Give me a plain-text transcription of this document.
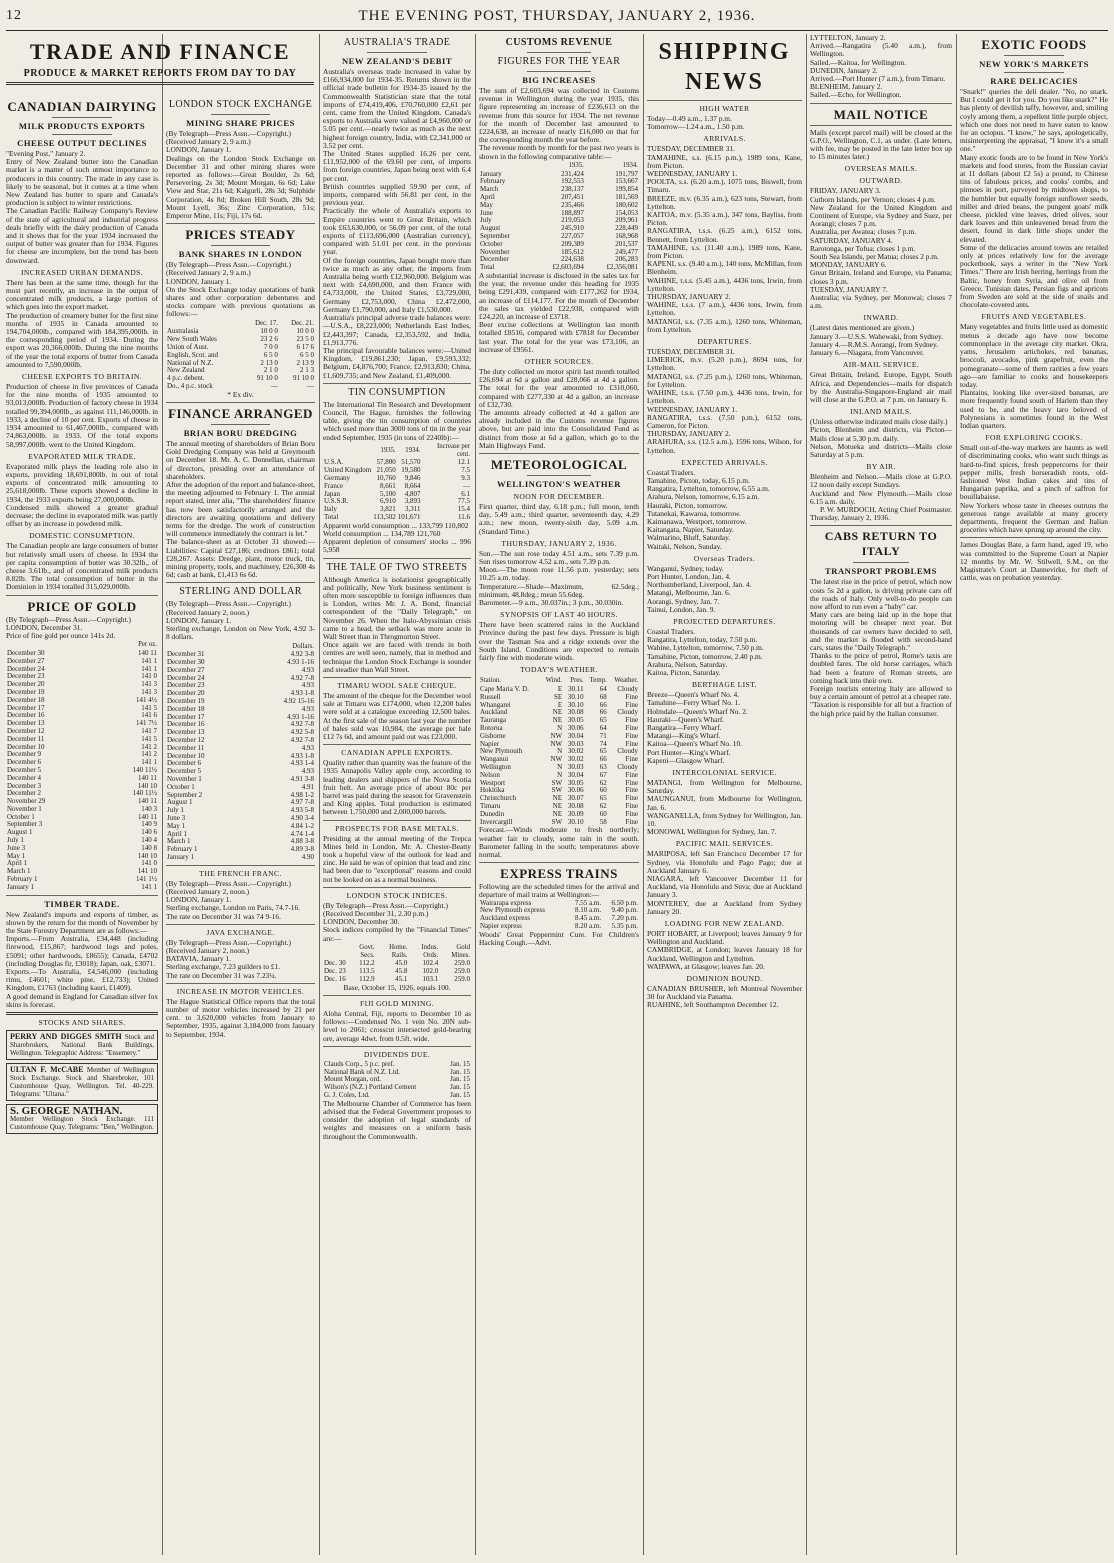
12	THE EVENING POST, THURSDAY, JANUARY 2, 1936.
TRADE AND FINANCE
PRODUCE & MARKET REPORTS FROM DAY TO DAY
CANADIAN DAIRYING
MILK PRODUCTS EXPORTS
CHEESE OUTPUT DECLINES
"Evening Post," January 2.
Entry of New Zealand butter into the Canadian market is a matter of such utmost importance to producers in this country. The trade in any case is likely to be seasonal, but it comes at a time when New Zealand has butter to spare and Canada's production is subject to winter restrictions.
The Canadian Pacific Railway Company's Review of the state of agricultural and industrial progress deals briefly with the dairy production of Canada and it shows that for the year 1934 increased the output of butter was greater than for 1934. Figures for cheese are incomplete, but the trend has been downward.
INCREASED URBAN DEMANDS.
There has been at the same time, though for the most part recently, an increase in the output of concentrated milk products, a large portion of which goes into the export market.
The production of creamery butter for the first nine months of 1935 in Canada amounted to 194,704,000lb., compared with 184,395,000lb. in the corresponding period of 1934. During the export was 20,366,000lb. During the nine months of the year the total exports of butter from Canada amounted to 7,590,000lb.
CHEESE EXPORTS TO BRITAIN.
Production of cheese in five provinces of Canada for the nine months of 1935 amounted to 93,013,000lb. Production of factory cheese in 1934 totalled 99,394,000lb., as against 111,146,000lb. in 1933, a decline of 10 per cent. Exports of cheese in 1934 amounted to 61,467,000lb., compared with 74,863,000lb. in 1933. Of the total exports 58,997,000lb. went to the United Kingdom.
EVAPORATED MILK TRADE.
Evaporated milk plays the leading role also in exports, providing 18,691,800lb. in out of total exports of concentrated milk amounting to 25,618,000lb. These exports showed a decline in 1934, the 1933 exports being 27,000,000lb.
Condensed milk showed a greater gradual decrease; the decline in evaporated milk was partly offset by an increase in powdered milk.
DOMESTIC CONSUMPTION.
The Canadian people are large consumers of butter but relatively small users of cheese. In 1934 the per capita consumption of butter was 30.32lb., of cheese 3.61lb., and of concentrated milk products 8.82lb. The total consumption of butter in the Dominion in 1934 totalled 315,029,000lb.
PRICE OF GOLD
(By Telegraph—Press Assn.—Copyright.)
LONDON, December 31.
Price of fine gold per ounce 141s 2d.
	Per oz.
December 30	140 11
December 27	141 1
December 24	141 1
December 23	141 0
December 20	141 3
December 19	141 3
December 18	141 4½
December 17	141 5
December 16	141 6
December 13	141 7½
December 12	141 7
December 11	141 5
December 10	141 2
December 9	141 2
December 6	141 1
December 5	140 11½
December 4	140 11
December 3	140 10
December 2	140 11½
November 29	140 11
November 1	140 3
October 1	140 11
September 3	140 9
August 1	140 6
July 1	140 4
June 3	140 8
May 1	140 10
April 1	141 0
March 1	141 10
February 1	141 1½
January 1	141 1
TIMBER TRADE.
New Zealand's imports and exports of timber, as shown by the return for the month of November by the State Forestry Department are as follows:—
Imports.—From Australia, £34,448 (including firewood, £15,867; hardwood logs and poles, £5091; other hardwoods, £8655); Canada, £4702 (including Douglas fir, £3018); Japan, oak, £3071.
Exports.—To Australia, £4,546,000 (including rimu, £4601; white pine, £12,733); United Kingdom, £1763 (including kauri, £1409).
A good demand in England for Canadian silver fox skins is forecast.
STOCKS AND SHARES.
PERRY AND DIGGES SMITH Stock and Sharebrokers, National Bank Buildings, Wellington. Telegraphic Address: "Ensemery."
ULTAN F. McCABE Member of Wellington Stock Exchange. Stock and Sharebroker, 101 Customhouse Quay, Wellington. Tel. 40-229. Telegrams: "Ultana."
S. GEORGE NATHAN.
Member Wellington Stock Exchange. 111 Customhouse Quay. Telegrams: "Ben," Wellington.
LONDON STOCK EXCHANGE
MINING SHARE PRICES
(By Telegraph—Press Assn.—Copyright.)
(Received January 2, 9 a.m.)
LONDON, January 1.
Dealings on the London Stock Exchange on December 31 and other mining shares were reported as follows:—Great Boulder, 2s 6d; Persevering, 2s 3d; Mount Morgan, 6s 6d; Lake View and Star, 21s 6d; Kalgurli, 28s 3d; Sulphide Corporation, 4s 8d; Broken Hill South, 28s 9d; Mount Lyell, 36s; Zinc Corporation, 51s; Emperor Mine, 11s; Fiji, 17s 6d.
PRICES STEADY
BANK SHARES IN LONDON
(By Telegraph—Press Assn.—Copyright.)
(Received January 2, 9 a.m.)
LONDON, January 1.
On the Stock Exchange today quotations of bank shares and other corporation debentures and stocks compare with previous quotations as follows:—
	Dec. 17.	Dec. 21.
Australasia	10 0 0	10 0 0
New South Wales	23 2 6	23 5 0
Union of Aust.	7 0 0	6 17 6
English, Scot. and	6 5 0	6 5 0
National of N.Z.	2 13 0	2 13 9
New Zealand	2 1 0	2 1 3
4 p.c. debent.	91 10 0	91 10 0
Do., 4 p.c. stock	—	—
* Ex div.
FINANCE ARRANGED
BRIAN BORU DREDGING
The annual meeting of shareholders of Brian Boru Gold Dredging Company was held at Greymouth on December 18. Mr. A. C. Donnellan, chairman of directors, presiding over an attendance of shareholders.
After the adoption of the report and balance-sheet, the meeting adjourned to February 1. The annual report stated, inter alia, "The shareholders' finance has now been satisfactorily arranged and the directors are awaiting quotations and delivery terms for the dredge. The work of construction will commence immediately the contract is let."
The balance-sheet as at October 31 showed:—Liabilities: Capital £27,186; creditors £861; total £28,267. Assets: Dredge, plant, motor truck, tin, mining property, tools, and machinery, £26,308 4s 6d; cash at bank, £1,413 6s 6d.
STERLING AND DOLLAR
(By Telegraph—Press Assn.—Copyright.)
(Received January 2, noon.)
LONDON, January 1.
Sterling exchange, London on New York, 4.92 3-8 dollars.
	Dollars.
December 31	4.92 3-8
December 30	4.93 1-16
December 27	4.93
December 24	4.92 7-8
December 23	4.93
December 20	4.93 1-8
December 19	4.92 15-16
December 18	4.93
December 17	4.93 1-16
December 16	4.92 7-8
December 13	4.92 5-8
December 12	4.92 7-8
December 11	4.93
December 10	4.93 1-8
December 6	4.93 1-4
December 5	4.93
November 1	4.91 3-8
October 1	4.91
September 2	4.98 1-2
August 1	4.97 7-8
July 1	4.93 5-8
June 3	4.90 3-4
May 1	4.84 1-2
April 1	4.74 1-4
March 1	4.88 3-8
February 1	4.89 3-8
January 1	4.90
THE FRENCH FRANC.
(By Telegraph—Press Assn.—Copyright.)
(Received January 2, noon.)
LONDON, January 1.
Sterling exchange, London on Paris, 74.7-16.
The rate on December 31 was 74 9-16.
JAVA EXCHANGE.
(By Telegraph—Press Assn.—Copyright.)
(Received January 2, noon.)
BATAVIA, January 1.
Sterling exchange, 7.23 guilders to £1.
The rate on December 31 was 7.23¼.
INCREASE IN MOTOR VEHICLES.
The Hague Statistical Office reports that the total number of motor vehicles increased by 21 per cent. to 3,620,000 vehicles from January to September, 1935, against 3,184,000 from January to September, 1934.
AUSTRALIA'S TRADE
NEW ZEALAND'S DEBIT
Australia's overseas trade increased in value by £166,934,000 for 1934-35. Returns shown in the official trade bulletin for 1934-35 issued by the Commonwealth Statistician state that the total imports of £74,419,406, £70,760,000 £2,61 per cent, came from the United Kingdom. Canada's exports to Australia were valued at £4,960,000 or 5.05 per cent.—nearly twice as much as the next highest foreign country, India, with £2,341,000 or 3.52 per cent.
The United States supplied 16.26 per cent, £11,952,000 of the 69.60 per cent, of imports from foreign countries, Japan being next with 6.4 per cent.
British countries supplied 59.90 per cent, of imports, compared with 56.81 per cent, in the previous year.
Practically the whole of Australia's exports to Empire countries went to Great Britain, which took £63,630,000, or 56.09 per cent. of the total exports of £113,696,000 (Australian currency), compared with 51.01 per cent. in the previous year.
Of the foreign countries, Japan bought more than twice as much as any other, the imports from Australia being worth £12,960,000. Belgium was next with £4,690,000, and then France with £4,733,000, the United States, £3,729,000, Germany £2,753,000, China £2,472,000, Germany £1,790,000, and Italy £1,530,000.
Australia's principal adverse trade balances were:—U.S.A., £8,223,000; Netherlands East Indies, £2,443,397; Canada, £2,353,592, and India, £1,913,776.
The principal favourable balances were:—United Kingdom, £19,861,230; Japan, £9,593,332; Belgium, £4,876,700; France, £2,913,830; China, £1,609,735; and New Zealand, £1,409,000.
TIN CONSUMPTION
The International Tin Research and Development Council, The Hague, furnishes the following table, giving the tin consumption of countries which used more than 3000 tons of tin in the year ended September, 1935 (in tons of 2240lb):—
	1935.	1934.	Increase per cent.
U.S.A.	57,800	51,570	12.1
United Kingdom	21,050	19,580	7.5
Germany	10,760	9,846	9.3
France	8,661	8,664	—
Japan	5,100	4,807	6.1
U.S.S.R.	6,910	3,893	77.5
Italy	3,821	3,311	15.4
Total	113,502	101,671	11.6
Apparent world consumption ... 133,799 110,802
World consumption ... 134,789 121,760
Apparent depletion of consumers' stocks ... 996 5,958
THE TALE OF TWO STREETS
Although America is isolationist geographically and politically, New York business sentiment is often more susceptible to foreign influences than is London, writes Mr. J. A. Bond, financial correspondent of the "Daily Telegraph," on November 26. When the Italo-Abyssinian crisis came to a head, the setback was more acute in Wall Street than in Throgmorton Street.
Once again we are faced with trends in both centres are well seen, namely, that in method and technique the London Stock Exchange is sounder and steadier than Wall Street.
TIMARU WOOL SALE CHEQUE.
The amount of the cheque for the December wool sale at Timaru was £174,000, when 12,200 bales were sold at a catalogue exceeding 12,500 bales. At the first sale of the season last year the number of bales sold was 10,984, the average per bale £12 7s 6d, and amount paid out was £23,000.
CANADIAN APPLE EXPORTS.
Quality rather than quantity was the feature of the 1935 Annapolis Valley apple crop, according to leading dealers and shippers of the Nova Scotia fruit belt. An average price of about 80c per barrel was paid during the season for Gravenstein and King apples. Total production is estimated between 1,750,000 and 2,000,000 barrels.
PROSPECTS FOR BASE METALS.
Presiding at the annual meeting of the Trepca Mines held in London, Mr. A. Chester-Beatty took a hopeful view of the outlook for lead and zinc. He said he was of opinion that lead and zinc had been due to "exceptional" reasons and could not be looked on as a normal business.
LONDON STOCK INDICES.
(By Telegraph—Press Assn.—Copyright.)
(Received December 31, 2.30 p.m.)
LONDON, December 30.
Stock indices compiled by the "Financial Times" are:—
	Govt. Secs.	Home. Rails.	Indus. Ords.	Gold Mines.
Dec. 30	112.2	45.0	102.4	259.0
Dec. 23	113.5	45.8	102.0	259.0
Dec. 16	112.9	45.1	103.1	259.0
Base, October 15, 1926, equals 100.
FIJI GOLD MINING.
Aloha Central, Fiji, reports to December 10 as follows:—Condensed No. 1 vein No. 20N sub-level to 2061; crosscut intersected gold-bearing ore, average 4dwt. from 0.5ft. wide.
DIVIDENDS DUE.
Clauds Corp., 5 p.c. pref.	Jan. 15
National Bank of N.Z. Ltd.	Jan. 15
Mount Morgan, ord.	Jan. 15
Wilson's (N.Z.) Portland Cement	Jan. 15
G. J. Coles, Ltd.	Jan. 15
The Melbourne Chamber of Commerce has been advised that the Federal Government proposes to consider the adoption of legal standards of weights and measures on a uniform basis throughout the Commonwealth.
CUSTOMS REVENUE
FIGURES FOR THE YEAR
BIG INCREASES
The sum of £2,603,694 was collected in Customs revenue in Wellington during the year 1935, this figure representing an increase of £236,613 on the revenue from this source for 1934. The net revenue for the month of December last amounted to £224,638, an increase of nearly £16,000 on that for the corresponding month the year before.
The revenue month by month for the past two years is shown in the following comparative table:—
	1935.	1934.
January	231,424	191,797
February	192,553	153,667
March	238,137	199,854
April	207,451	181,569
May	235,466	180,602
June	188,897	154,053
July	219,053	209,961
August	245,910	228,449
September	227,057	168,968
October	209,389	201,537
November	185,612	249,477
December	224,638	206,283
Total	£2,603,694	£2,356,081
A substantial increase is disclosed in the sales tax for the year, the revenue under this heading for 1935 being £291,439, compared with £177,262 for 1934, an increase of £114,177. For the month of December the sales tax yielded £22,938, compared with £24,220, an increase of £3718.
Beer excise collections at Wellington last month totalled £8516, compared with £7818 for December last year. The total for the year was £73,106, an increase of £9561.
OTHER SOURCES.
The duty collected on motor spirit last month totalled £26,694 at 6d a gallon and £28,066 at 4d a gallon. The total for the year amounted to £310,060, compared with £277,330 at 4d a gallon, an increase of £32,730.
The amounts already collected at 4d a gallon are already included in the Customs revenue figures above, but are paid into the Consolidated Fund as distinct from those at 6d a gallon, which go to the Main Highways Fund.
METEOROLOGICAL
WELLINGTON'S WEATHER
NOON FOR DECEMBER.
First quarter, third day, 6.18 p.m.; full moon, tenth day, 5.49 a.m.; third quarter, seventeenth day, 4.29 a.m.; new moon, twenty-sixth day, 5.09 a.m. (Standard Time.)
THURSDAY, JANUARY 2, 1936.
Sun.—The sun rose today 4.51 a.m., sets 7.39 p.m. Sun rises tomorrow 4.52 a.m., sets 7.39 p.m.
Moon.—The moon rose 11.56 p.m. yesterday; sets 10.25 a.m. today.
Temperature.—Shade—Maximum, 62.5deg.; minimum, 48.8deg.; mean 55.6deg.
Barometer.—9 a.m., 30.037in.; 3 p.m., 30.030in.
SYNOPSIS OF LAST 40 HOURS.
There have been scattered rains in the Auckland Province during the past few days. Pressure is high over the Tasman Sea and a ridge extends over the South Island. Conditions are expected to remain fairly fine with moderate winds.
TODAY'S WEATHER.
Station.	Wind.	Pres.	Temp.	Weather.
Cape Maria V. D.	E	30.11	64	Cloudy
Russell	SE	30.10	68	Fine
Whangarei	E	30.10	66	Fine
Auckland	NE	30.08	66	Cloudy
Tauranga	NE	30.05	65	Fine
Rotorua	N	30.06	64	Fine
Gisborne	NW	30.04	71	Fine
Napier	NW	30.03	74	Fine
New Plymouth	N	30.02	65	Cloudy
Wanganui	NW	30.02	66	Fine
Wellington	N	30.03	63	Cloudy
Nelson	N	30.04	67	Fine
Westport	SW	30.05	62	Fine
Hokitika	SW	30.06	60	Fine
Christchurch	NE	30.07	65	Fine
Timaru	NE	30.08	62	Fine
Dunedin	NE	30.09	60	Fine
Invercargill	SW	30.10	58	Fine
Forecast.—Winds moderate to fresh northerly; weather fair to cloudy, some rain in the south. Barometer falling in the south; temperatures above normal.
EXPRESS TRAINS
Following are the scheduled times for the arrival and departure of mail trains at Wellington:—
Wairarapa express	7.55 a.m.	6.50 p.m.
New Plymouth express	8.10 a.m.	9.40 p.m.
Auckland express	8.45 a.m.	7.20 p.m.
Napier express	8.20 a.m.	5.35 p.m.
Woods' Great Peppermint Cure. For Children's Hacking Cough.—Advt.
SHIPPING NEWS
HIGH WATER
Today—0.49 a.m., 1.37 p.m.
Tomorrow—1.24 a.m., 1.50 p.m.
ARRIVALS.
TUESDAY, DECEMBER 31.
TAMAHINE, s.s. (6.15 p.m.), 1989 tons, Kane, from Picton.
WEDNESDAY, JANUARY 1.
POOLTA, s.s. (6.20 a.m.), 1075 tons, Biswell, from Timaru.
BREEZE, m.v. (6.35 a.m.), 623 tons, Stewart, from Lyttelton.
KAITOA, m.v. (5.35 a.m.), 347 tons, Bayliss, from Picton.
RANGATIRA, t.s.s. (6.25 a.m.), 6152 tons, Bennett, from Lyttelton.
TAMAHINE, s.s. (11.40 a.m.), 1989 tons, Kane, from Picton.
KAPENI, s.s. (9.40 a.m.), 140 tons, McMillan, from Blenheim.
WAHINE, t.s.s. (5.45 a.m.), 4436 tons, Irwin, from Lyttelton.
THURSDAY, JANUARY 2.
WAHINE, t.s.s. (7 a.m.), 4436 tons, Irwin, from Lyttelton.
MATANGI, s.s. (7.35 a.m.), 1260 tons, Whiteman, from Lyttelton.
DEPARTURES.
TUESDAY, DECEMBER 31.
LIMERICK, m.v. (5.20 p.m.), 8694 tons, for Lyttelton.
MATANGI, s.s. (7.25 p.m.), 1260 tons, Whiteman, for Lyttelton.
WAHINE, t.s.s. (7.50 p.m.), 4436 tons, Irwin, for Lyttelton.
WEDNESDAY, JANUARY 1.
RANGATIRA, t.s.s. (7.50 p.m.), 6152 tons, Cameron, for Picton.
THURSDAY, JANUARY 2.
ARAHURA, s.s. (12.5 a.m.), 1596 tons, Wilson, for Lyttelton.
EXPECTED ARRIVALS.
Coastal Traders.
Tamahine, Picton, today, 6.15 p.m.
Rangatira, Lyttelton, tomorrow, 6.55 a.m.
Arahura, Nelson, tomorrow, 6.15 a.m.
Hauraki, Picton, tomorrow.
Tutanekai, Kawaroa, tomorrow.
Kaimanawa, Westport, tomorrow.
Kaitangata, Napier, Saturday.
Walmarino, Bluff, Saturday.
Waitaki, Nelson, Sunday.
Overseas Traders.
Wanganui, Sydney, today.
Port Hunter, London, Jan. 4.
Northumberland, Liverpool, Jan. 4.
Matangi, Melbourne, Jan. 6.
Aorangi, Sydney, Jan. 7.
Tainui, London, Jan. 9.
PROJECTED DEPARTURES.
Coastal Traders.
Rangatira, Lyttelton, today, 7.50 p.m.
Wahine, Lyttelton, tomorrow, 7.50 p.m.
Tamahine, Picton, tomorrow, 2.40 p.m.
Arahura, Nelson, Saturday.
Kaitoa, Picton, Saturday.
BERTHAGE LIST.
Breeze—Queen's Wharf No. 4.
Tamahine—Ferry Wharf No. 1.
Holmdale—Queen's Wharf No. 2.
Hauraki—Queen's Wharf.
Rangatira—Ferry Wharf.
Matangi—King's Wharf.
Kaitoa—Queen's Wharf No. 10.
Port Hunter—King's Wharf.
Kapeni—Glasgow Wharf.
INTERCOLONIAL SERVICE.
MATANGI, from Wellington for Melbourne, Saturday.
MAUNGANUI, from Melbourne for Wellington, Jan. 6.
WANGANELLA, from Sydney for Wellington, Jan. 10.
MONOWAI, Wellington for Sydney, Jan. 7.
PACIFIC MAIL SERVICES.
MARIPOSA, left San Francisco December 17 for Sydney, via Honolulu and Pago Pago; due at Auckland January 6.
NIAGARA, left Vancouver December 11 for Auckland, via Honolulu and Suva; due at Auckland January 3.
MONTEREY, due at Auckland from Sydney January 20.
LOADING FOR NEW ZEALAND.
PORT HOBART, at Liverpool; leaves January 9 for Wellington and Auckland.
CAMBRIDGE, at London; leaves January 18 for Auckland, Wellington and Lyttelton.
WAIPAWA, at Glasgow; leaves Jan. 20.
DOMINION BOUND.
CANADIAN BRUSHER, left Montreal November 30 for Auckland via Panama.
RUAHINE, left Southampton December 12.
LYTTELTON, January 2.
Arrived.—Rangatira (5.40 a.m.), from Wellington.
Sailed.—Kaitoa, for Wellington.
DUNEDIN, January 2.
Arrived.—Port Hunter (7 a.m.), from Timaru.
BLENHEIM, January 2.
Sailed.—Echo, for Wellington.
MAIL NOTICE
Mails (except parcel mail) will be closed at the G.P.O., Wellington, C.1, as under. (Late letters, with fee, may be posted in the late letter box up to 15 minutes later.)
OVERSEAS MAILS.
OUTWARD.
FRIDAY, JANUARY 3.
Cuthorn Islands, per Vernon; closes 4 p.m.
New Zealand for the United Kingdom and Continent of Europe, via Sydney and Suez, per Aorangi; closes 7 p.m.
Australia, per Awatea; closes 7 p.m.
SATURDAY, JANUARY 4.
Rarotonga, per Tofua; closes 1 p.m.
South Sea Islands, per Matua; closes 2 p.m.
MONDAY, JANUARY 6.
Great Britain, Ireland and Europe, via Panama; closes 3 p.m.
TUESDAY, JANUARY 7.
Australia; via Sydney, per Monowai; closes 7 a.m.
INWARD.
(Latest dates mentioned are given.)
January 3.—U.S.S. Wahewaki, from Sydney.
January 4.—R.M.S. Aorangi, from Sydney.
January 6.—Niagara, from Vancouver.
AIR-MAIL SERVICE.
Great Britain, Ireland, Europe, Egypt, South Africa, and Dependencies—mails for dispatch by the Australia-Singapore-England air mail will close at the G.P.O. at 7 p.m. on January 6.
INLAND MAILS.
(Unless otherwise indicated mails close daily.)
Picton, Blenheim and districts, via Picton—Mails close at 5.30 p.m. daily.
Nelson, Motueka and districts—Mails close Saturday at 5 p.m.
BY AIR.
Blenheim and Nelson.—Mails close at G.P.O. 12 noon daily except Sundays.
Auckland and New Plymouth.—Mails close 6.15 a.m. daily.
P. W. MURDOCH, Acting Chief Postmaster.
Thursday, January 2, 1936.
CABS RETURN TO ITALY
TRANSPORT PROBLEMS
The latest rise in the price of petrol, which now costs 5s 2d a gallon, is driving private cars off the roads of Italy. Only well-to-do people can now afford to run even a "baby" car.
Many cars are being laid up in the hope that motoring will be cheaper next year. But thousands of car owners have decided to sell, and the market is flooded with second-hand cars, states the "Daily Telegraph."
Thanks to the price of petrol, Rome's taxis are doubled fares. The old horse carriages, which had been a feature of Roman streets, are coming back into their own.
Foreign tourists entering Italy are allowed to buy a certain amount of petrol at a cheaper rate.
"Taxation is responsible for all but a fraction of the high price paid by the Italian consumer.
EXOTIC FOODS
NEW YORK'S MARKETS
RARE DELICACIES
"Snark!" queries the deli dealer. "No, no snark. But I could get it for you. Do you like snark?" He has plenty of devilish taffy, however, and, smiling coyly among them, a repellent little purple object, which one does not need to have eaten to know for an octopus. "I know," he says, apologetically, misinterpreting the appraisal, "I know it's a small one."
Many exotic foods are to be found in New York's markets and food stores, from the Russian caviar at 11 dollars (about £2 5s) a pound, to Chinese tins of fabulous prices, and cooks' combs, and pinnoes in port, purveyed by midtown shops, to the humbler but equally foreign sunflower seeds, millet and dried beans, the pungent goats' milk cheese, pickled vine leaves, dried olives, sour dark loaves and thin unleavened bread from the desert, found in dark little shops under the elevated.
Some of the delicacies around towns are retailed only at prices relatively low for the average pocketbook, says a writer in the "New York Times." There are Irish herring, herrings from the Baltic, honey from Syria, and olive oil from Greece. Tunisian dates, Persian figs and apricots from Sweden are sold at the side of snails and chocolate-covered ants.
FRUITS AND VEGETABLES.
Many vegetables and fruits little used as domestic menus a decade ago have now become commonplace in the average city market. Okra, yams, Jerusalem artichokes, red bananas, broccoli, avocados, pink grapefruit, even the pomegranate—some of them rarities a few years ago—are familiar to cooks and housekeepers today.
Plantains, looking like over-sized bananas, are more frequently found south of Harlem than they used to be, and the heavy taro beloved of Polynesians is sometimes found in the West Indian quarters.
FOR EXPLORING COOKS.
Small out-of-the-way markets are haunts as well of discriminating cooks, who want such things as hard-to-find spices, fresh peppercorns for their pepper mills, fresh horseradish roots, old-fashioned West Indian cakes and tins of Hungarian paprika, and a pinch of saffron for bouillabaisse.
New Yorkers whose taste in cheeses outruns the generous range available at many grocery departments, frequent the German and Italian groceries which have sprung up around the city.
James Douglas Bate, a farm hand, aged 19, who was committed to the Supreme Court at Napier 12 months by Mr. W. Stilwell, S.M., on the Magistrate's Court at Dannevirke, for theft of cattle, was on probation yesterday.
